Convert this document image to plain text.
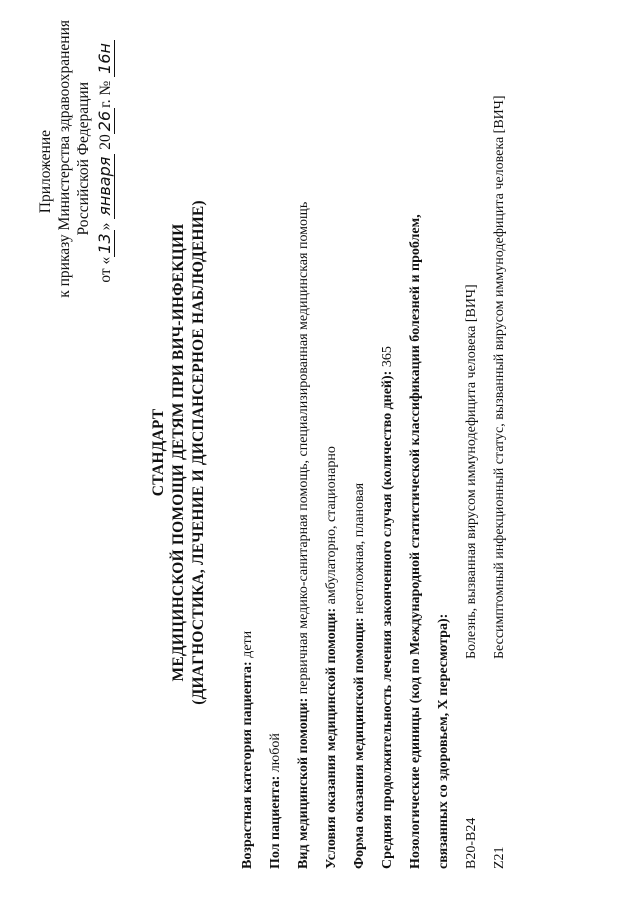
Приложение к приказу Министерства здравоохранения Российской Федерации
от «13» января 2026г. № 16н
СТАНДАРТ МЕДИЦИНСКОЙ ПОМОЩИ ДЕТЯМ ПРИ ВИЧ-ИНФЕКЦИИ (ДИАГНОСТИКА, ЛЕЧЕНИЕ И ДИСПАНСЕРНОЕ НАБЛЮДЕНИЕ)
Возрастная категория пациента: дети
Пол пациента: любой Вид медицинской помощи: первичная медико-санитарная помощь, специализированная медицинская помощь
Условия оказания медицинской помощи: амбулаторно, стационарно
Форма оказания медицинской помощи: неотложная, плановая Средняя продолжительность лечения законченного случая (количество дней): 365 Нозологические единицы (код по Международной статистической классификации болезней и проблем, связанных со здоровьем, X пересмотра): B20-B24
Болезнь, вызванная вирусом иммунодефицита человека [ВИЧ]
Z21
Бессимптомный инфекционный статус, вызванный вирусом иммунодефицита человека [ВИЧ]
